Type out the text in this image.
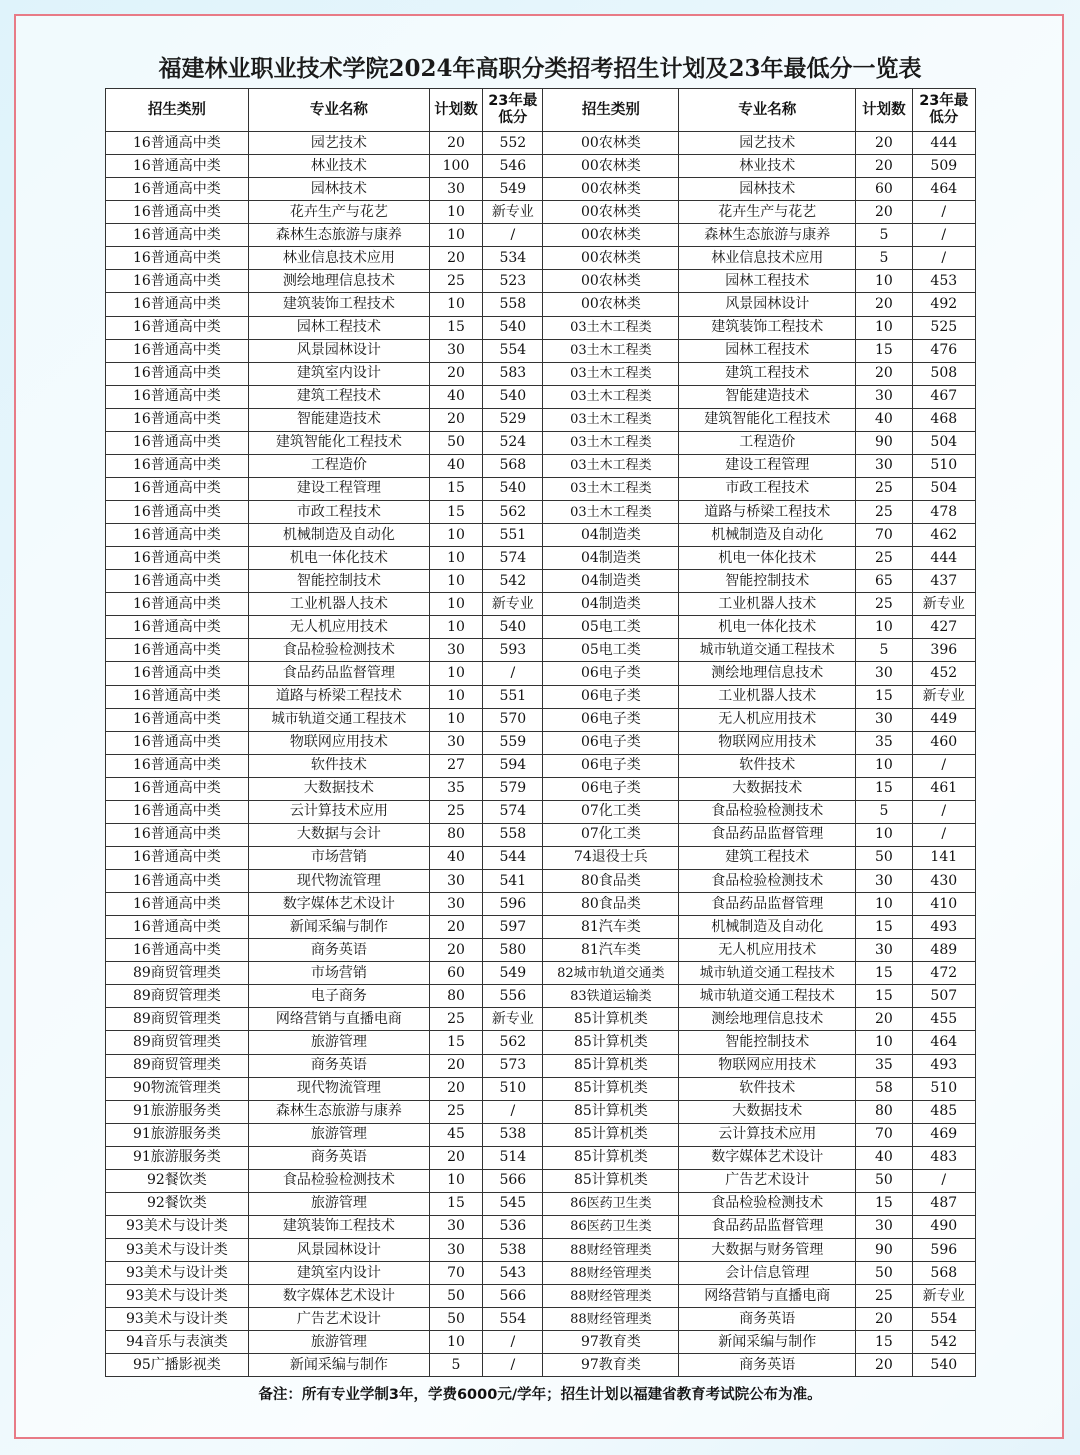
福建林业职业技术学院2024年高职分类招考招生计划及23年最低分一览表
招生类别	专业名称	计划数	23年最低分	招生类别	专业名称	计划数	23年最低分
16普通高中类	园艺技术	20	552	00农林类	园艺技术	20	444
16普通高中类	林业技术	100	546	00农林类	林业技术	20	509
16普通高中类	园林技术	30	549	00农林类	园林技术	60	464
16普通高中类	花卉生产与花艺	10	新专业	00农林类	花卉生产与花艺	20	/
16普通高中类	森林生态旅游与康养	10	/	00农林类	森林生态旅游与康养	5	/
16普通高中类	林业信息技术应用	20	534	00农林类	林业信息技术应用	5	/
16普通高中类	测绘地理信息技术	25	523	00农林类	园林工程技术	10	453
16普通高中类	建筑装饰工程技术	10	558	00农林类	风景园林设计	20	492
16普通高中类	园林工程技术	15	540	03土木工程类	建筑装饰工程技术	10	525
16普通高中类	风景园林设计	30	554	03土木工程类	园林工程技术	15	476
16普通高中类	建筑室内设计	20	583	03土木工程类	建筑工程技术	20	508
16普通高中类	建筑工程技术	40	540	03土木工程类	智能建造技术	30	467
16普通高中类	智能建造技术	20	529	03土木工程类	建筑智能化工程技术	40	468
16普通高中类	建筑智能化工程技术	50	524	03土木工程类	工程造价	90	504
16普通高中类	工程造价	40	568	03土木工程类	建设工程管理	30	510
16普通高中类	建设工程管理	15	540	03土木工程类	市政工程技术	25	504
16普通高中类	市政工程技术	15	562	03土木工程类	道路与桥梁工程技术	25	478
16普通高中类	机械制造及自动化	10	551	04制造类	机械制造及自动化	70	462
16普通高中类	机电一体化技术	10	574	04制造类	机电一体化技术	25	444
16普通高中类	智能控制技术	10	542	04制造类	智能控制技术	65	437
16普通高中类	工业机器人技术	10	新专业	04制造类	工业机器人技术	25	新专业
16普通高中类	无人机应用技术	10	540	05电工类	机电一体化技术	10	427
16普通高中类	食品检验检测技术	30	593	05电工类	城市轨道交通工程技术	5	396
16普通高中类	食品药品监督管理	10	/	06电子类	测绘地理信息技术	30	452
16普通高中类	道路与桥梁工程技术	10	551	06电子类	工业机器人技术	15	新专业
16普通高中类	城市轨道交通工程技术	10	570	06电子类	无人机应用技术	30	449
16普通高中类	物联网应用技术	30	559	06电子类	物联网应用技术	35	460
16普通高中类	软件技术	27	594	06电子类	软件技术	10	/
16普通高中类	大数据技术	35	579	06电子类	大数据技术	15	461
16普通高中类	云计算技术应用	25	574	07化工类	食品检验检测技术	5	/
16普通高中类	大数据与会计	80	558	07化工类	食品药品监督管理	10	/
16普通高中类	市场营销	40	544	74退役士兵	建筑工程技术	50	141
16普通高中类	现代物流管理	30	541	80食品类	食品检验检测技术	30	430
16普通高中类	数字媒体艺术设计	30	596	80食品类	食品药品监督管理	10	410
16普通高中类	新闻采编与制作	20	597	81汽车类	机械制造及自动化	15	493
16普通高中类	商务英语	20	580	81汽车类	无人机应用技术	30	489
89商贸管理类	市场营销	60	549	82城市轨道交通类	城市轨道交通工程技术	15	472
89商贸管理类	电子商务	80	556	83铁道运输类	城市轨道交通工程技术	15	507
89商贸管理类	网络营销与直播电商	25	新专业	85计算机类	测绘地理信息技术	20	455
89商贸管理类	旅游管理	15	562	85计算机类	智能控制技术	10	464
89商贸管理类	商务英语	20	573	85计算机类	物联网应用技术	35	493
90物流管理类	现代物流管理	20	510	85计算机类	软件技术	58	510
91旅游服务类	森林生态旅游与康养	25	/	85计算机类	大数据技术	80	485
91旅游服务类	旅游管理	45	538	85计算机类	云计算技术应用	70	469
91旅游服务类	商务英语	20	514	85计算机类	数字媒体艺术设计	40	483
92餐饮类	食品检验检测技术	10	566	85计算机类	广告艺术设计	50	/
92餐饮类	旅游管理	15	545	86医药卫生类	食品检验检测技术	15	487
93美术与设计类	建筑装饰工程技术	30	536	86医药卫生类	食品药品监督管理	30	490
93美术与设计类	风景园林设计	30	538	88财经管理类	大数据与财务管理	90	596
93美术与设计类	建筑室内设计	70	543	88财经管理类	会计信息管理	50	568
93美术与设计类	数字媒体艺术设计	50	566	88财经管理类	网络营销与直播电商	25	新专业
93美术与设计类	广告艺术设计	50	554	88财经管理类	商务英语	20	554
94音乐与表演类	旅游管理	10	/	97教育类	新闻采编与制作	15	542
95广播影视类	新闻采编与制作	5	/	97教育类	商务英语	20	540
备注：所有专业学制3年，学费6000元/学年；招生计划以福建省教育考试院公布为准。
